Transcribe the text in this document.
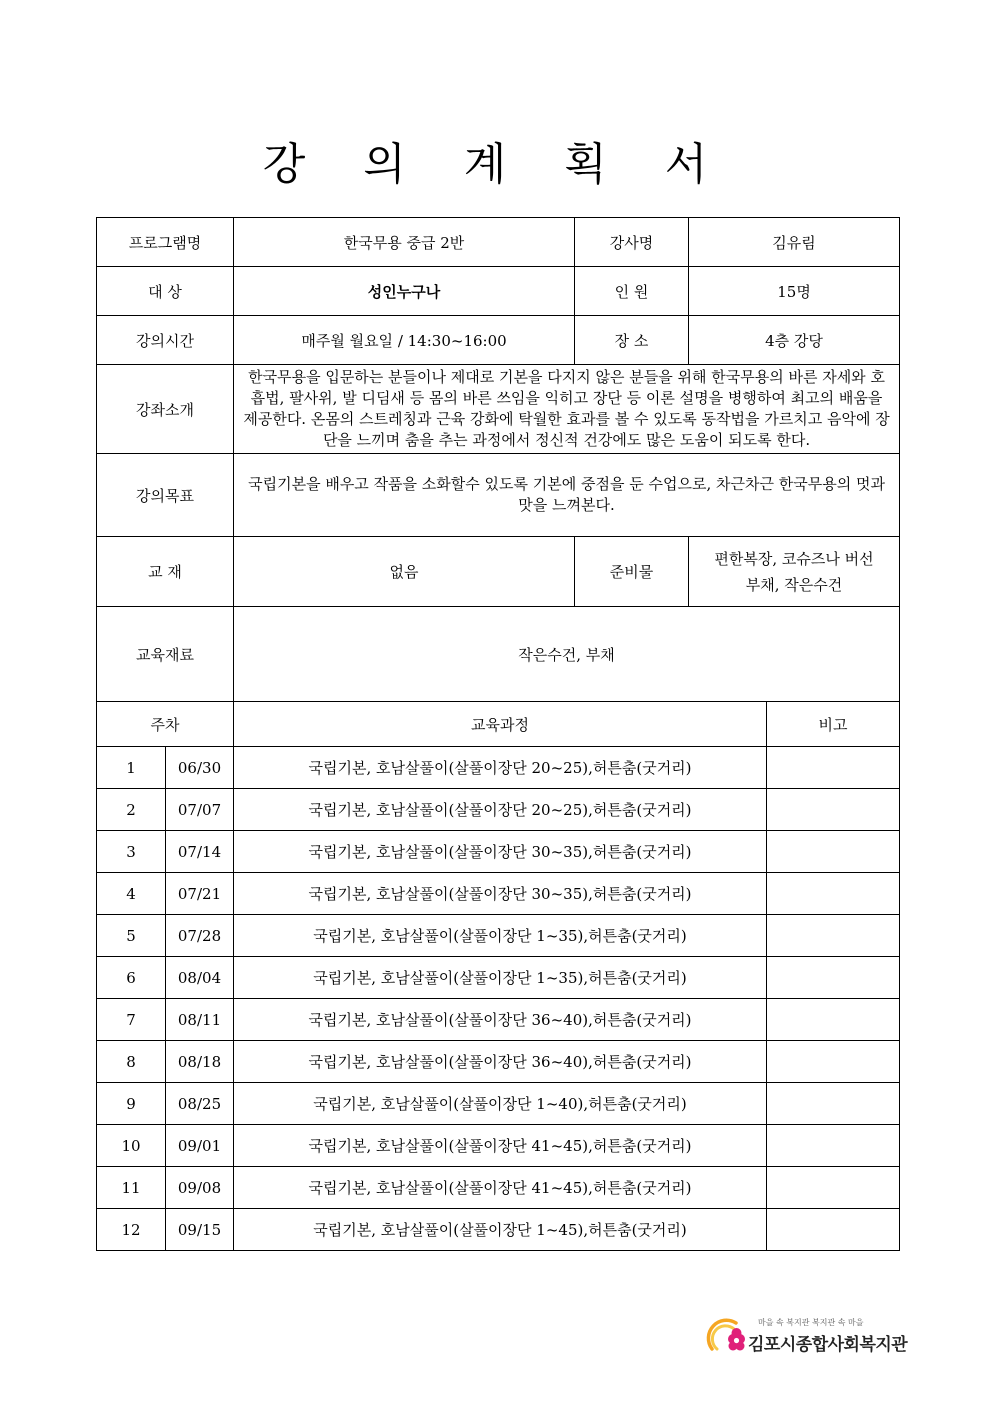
강 의 계 획 서
프로그램명		한국무용 중급 2반	강사명	김유림	
대 상		성인누구나	인 원	15명	
강의시간		매주월 월요일 / 14:30~16:00	장 소	4층 강당	
강좌소개		한국무용을 입문하는 분들이나 제대로 기본을 다지지 않은 분들을 위해 한국무용의 바른 자세와 호흡법, 팔사위, 발 디딤새 등 몸의 바른 쓰임을 익히고 장단 등 이론 설명을 병행하여 최고의 배움을 제공한다. 온몸의 스트레칭과 근육 강화에 탁월한 효과를 볼 수 있도록 동작법을 가르치고 음악에 장단을 느끼며 춤을 추는 과정에서 정신적 건강에도 많은 도움이 되도록 한다.			
강의목표		국립기본을 배우고 작품을 소화할수 있도록 기본에 중점을 둔 수업으로, 차근차근 한국무용의 멋과 맛을 느껴본다.			
교 재		없음	준비물	편한복장, 코슈즈나 버선
부채, 작은수건	

교육재료		작은수건, 부채			
주차		교육과정			비고
1	06/30	국립기본, 호남살풀이(살풀이장단 20~25),허튼춤(굿거리)			
2	07/07	국립기본, 호남살풀이(살풀이장단 20~25),허튼춤(굿거리)			
3	07/14	국립기본, 호남살풀이(살풀이장단 30~35),허튼춤(굿거리)			
4	07/21	국립기본, 호남살풀이(살풀이장단 30~35),허튼춤(굿거리)			
5	07/28	국립기본, 호남살풀이(살풀이장단 1~35),허튼춤(굿거리)			
6	08/04	국립기본, 호남살풀이(살풀이장단 1~35),허튼춤(굿거리)			
7	08/11	국립기본, 호남살풀이(살풀이장단 36~40),허튼춤(굿거리)			
8	08/18	국립기본, 호남살풀이(살풀이장단 36~40),허튼춤(굿거리)			
9	08/25	국립기본, 호남살풀이(살풀이장단 1~40),허튼춤(굿거리)			
10	09/01	국립기본, 호남살풀이(살풀이장단 41~45),허튼춤(굿거리)			
11	09/08	국립기본, 호남살풀이(살풀이장단 41~45),허튼춤(굿거리)			
12	09/15	국립기본, 호남살풀이(살풀이장단 1~45),허튼춤(굿거리)			
마을 속 복지관 복지관 속 마을
김포시종합사회복지관
